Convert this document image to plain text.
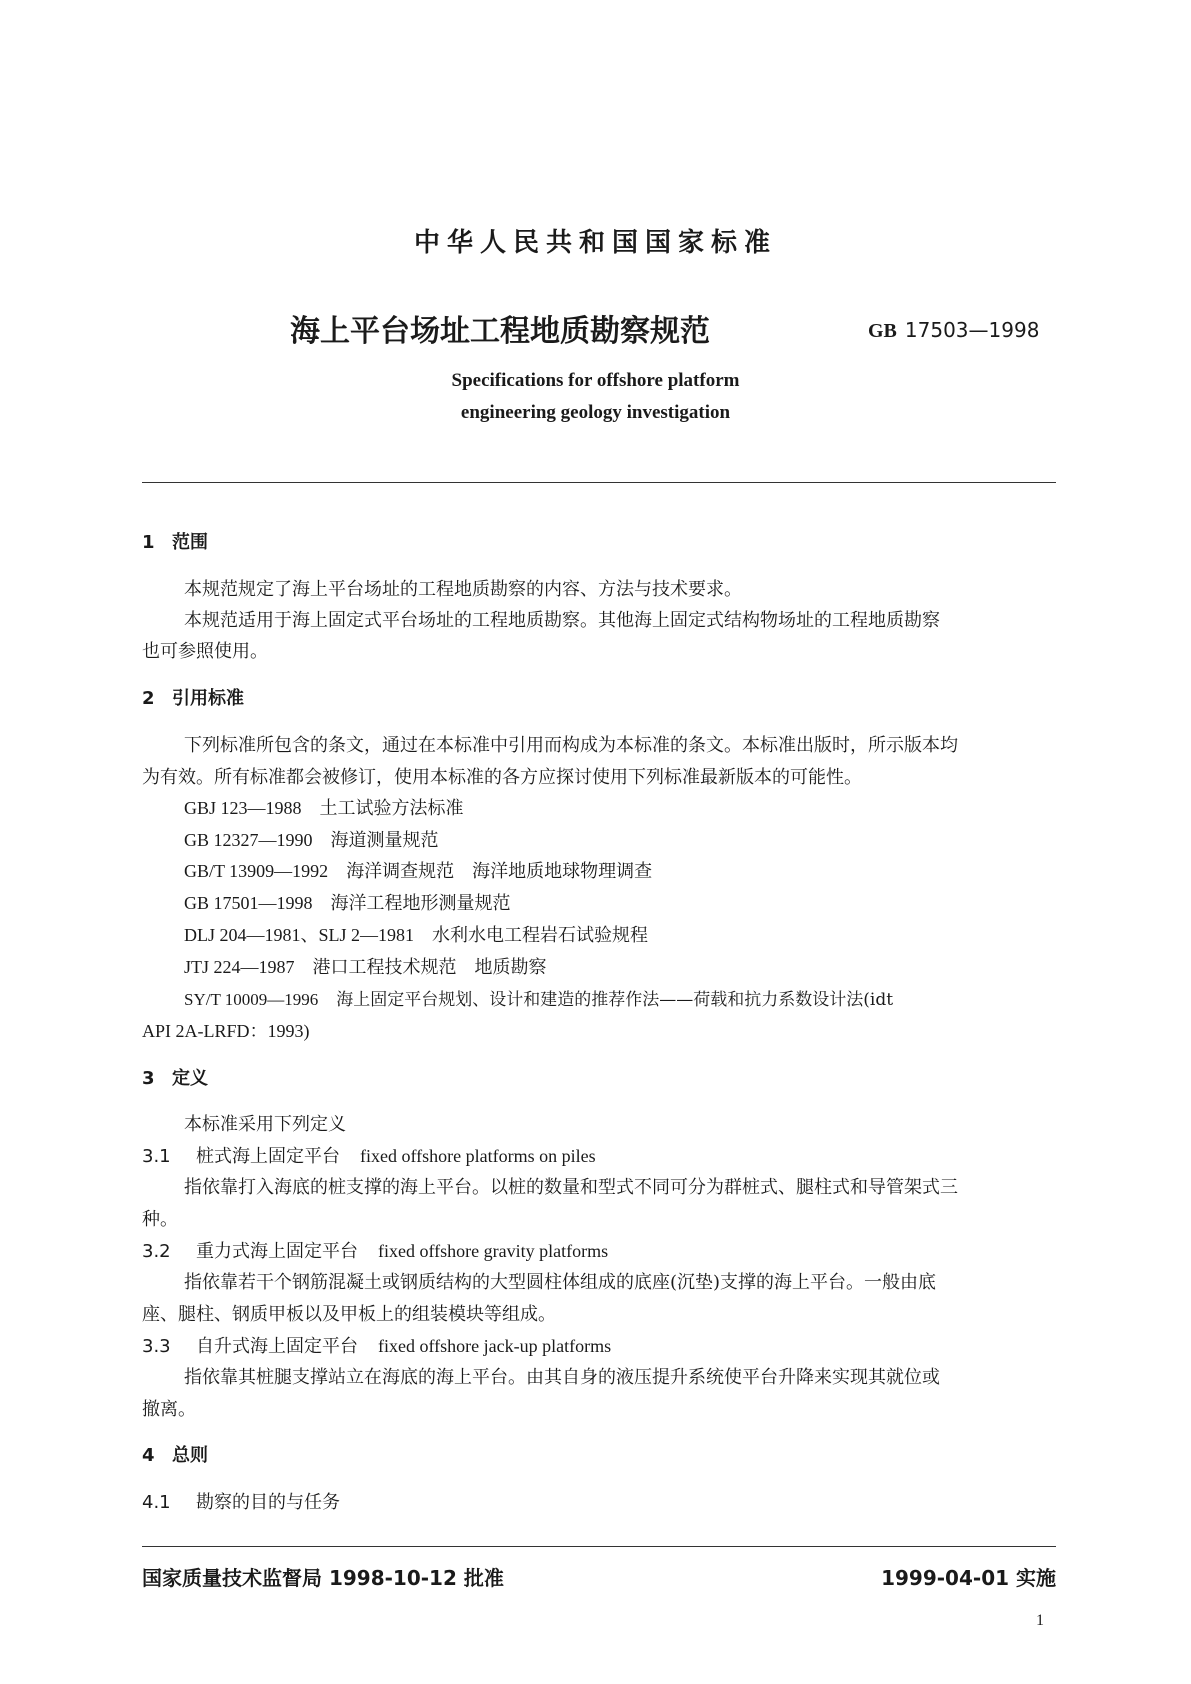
中华人民共和国国家标准
海上平台场址工程地质勘察规范	GB 17503—1998
Specifications for offshore platform
engineering geology investigation
1 范围
本规范规定了海上平台场址的工程地质勘察的内容、方法与技术要求。
本规范适用于海上固定式平台场址的工程地质勘察。其他海上固定式结构物场址的工程地质勘察
也可参照使用。
2 引用标准
下列标准所包含的条文，通过在本标准中引用而构成为本标准的条文。本标准出版时，所示版本均
为有效。所有标准都会被修订，使用本标准的各方应探讨使用下列标准最新版本的可能性。
GBJ 123—1988 土工试验方法标准
GB 12327—1990 海道测量规范
GB/T 13909—1992 海洋调查规范　海洋地质地球物理调查
GB 17501—1998 海洋工程地形测量规范
DLJ 204—1981、SLJ 2—1981 水利水电工程岩石试验规程
JTJ 224—1987 港口工程技术规范　地质勘察
SY/T 10009—1996 海上固定平台规划、设计和建造的推荐作法——荷载和抗力系数设计法(idt
API 2A-LRFD：1993)
3 定义
本标准采用下列定义
3.1 桩式海上固定平台 fixed offshore platforms on piles
指依靠打入海底的桩支撑的海上平台。以桩的数量和型式不同可分为群桩式、腿柱式和导管架式三
种。
3.2 重力式海上固定平台 fixed offshore gravity platforms
指依靠若干个钢筋混凝土或钢质结构的大型圆柱体组成的底座(沉垫)支撑的海上平台。一般由底
座、腿柱、钢质甲板以及甲板上的组装模块等组成。
3.3 自升式海上固定平台 fixed offshore jack-up platforms
指依靠其桩腿支撑站立在海底的海上平台。由其自身的液压提升系统使平台升降来实现其就位或
撤离。
4 总则
4.1 勘察的目的与任务
国家质量技术监督局 1998-10-12 批准	1999-04-01 实施
1
